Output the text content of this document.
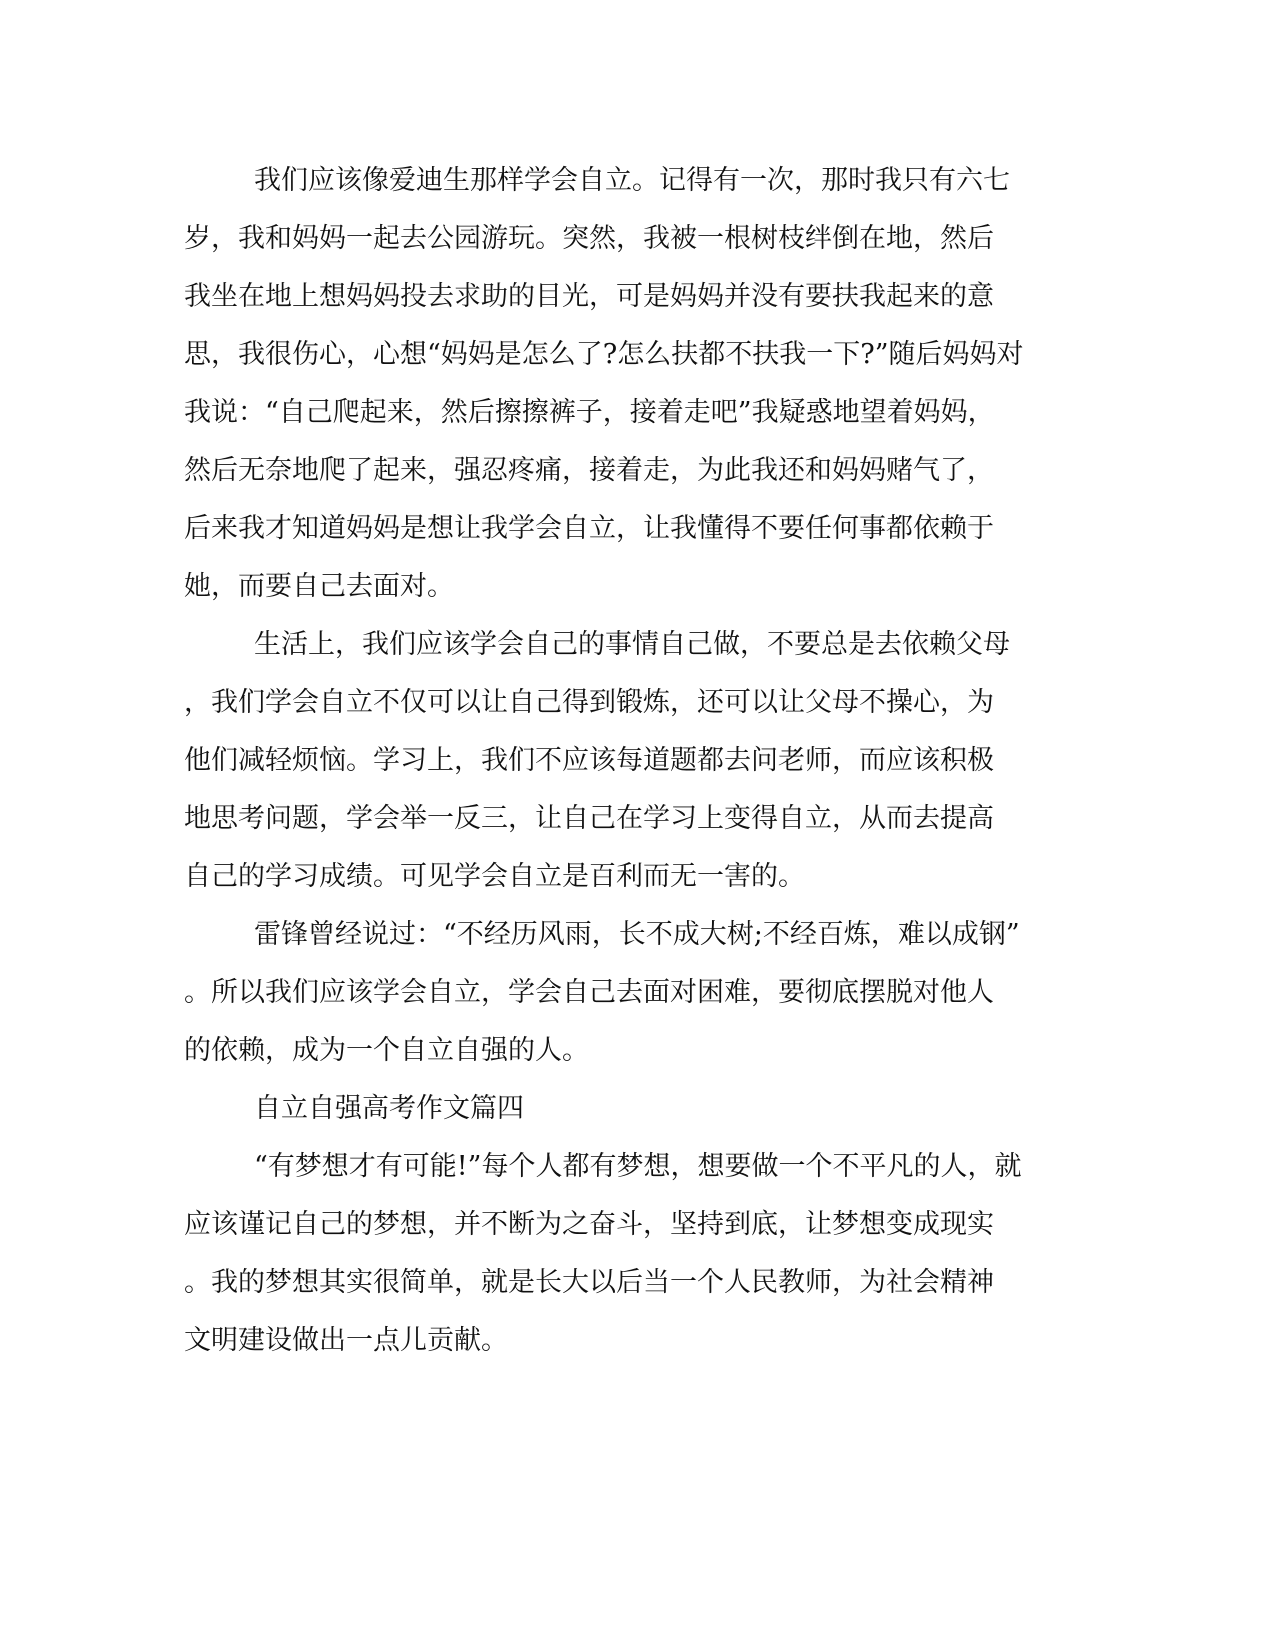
我们应该像爱迪生那样学会自立。记得有一次，那时我只有六七
岁，我和妈妈一起去公园游玩。突然，我被一根树枝绊倒在地，然后
我坐在地上想妈妈投去求助的目光，可是妈妈并没有要扶我起来的意
思，我很伤心，心想“妈妈是怎么了?怎么扶都不扶我一下?”随后妈妈对
我说：“自己爬起来，然后擦擦裤子，接着走吧”我疑惑地望着妈妈，
然后无奈地爬了起来，强忍疼痛，接着走，为此我还和妈妈赌气了，
后来我才知道妈妈是想让我学会自立，让我懂得不要任何事都依赖于
她，而要自己去面对。
生活上，我们应该学会自己的事情自己做，不要总是去依赖父母
，我们学会自立不仅可以让自己得到锻炼，还可以让父母不操心，为
他们减轻烦恼。学习上，我们不应该每道题都去问老师，而应该积极
地思考问题，学会举一反三，让自己在学习上变得自立，从而去提高
自己的学习成绩。可见学会自立是百利而无一害的。
雷锋曾经说过：“不经历风雨，长不成大树;不经百炼，难以成钢”
。所以我们应该学会自立，学会自己去面对困难，要彻底摆脱对他人
的依赖，成为一个自立自强的人。
自立自强高考作文篇四
“有梦想才有可能!”每个人都有梦想，想要做一个不平凡的人，就
应该谨记自己的梦想，并不断为之奋斗，坚持到底，让梦想变成现实
。我的梦想其实很简单，就是长大以后当一个人民教师，为社会精神
文明建设做出一点儿贡献。
